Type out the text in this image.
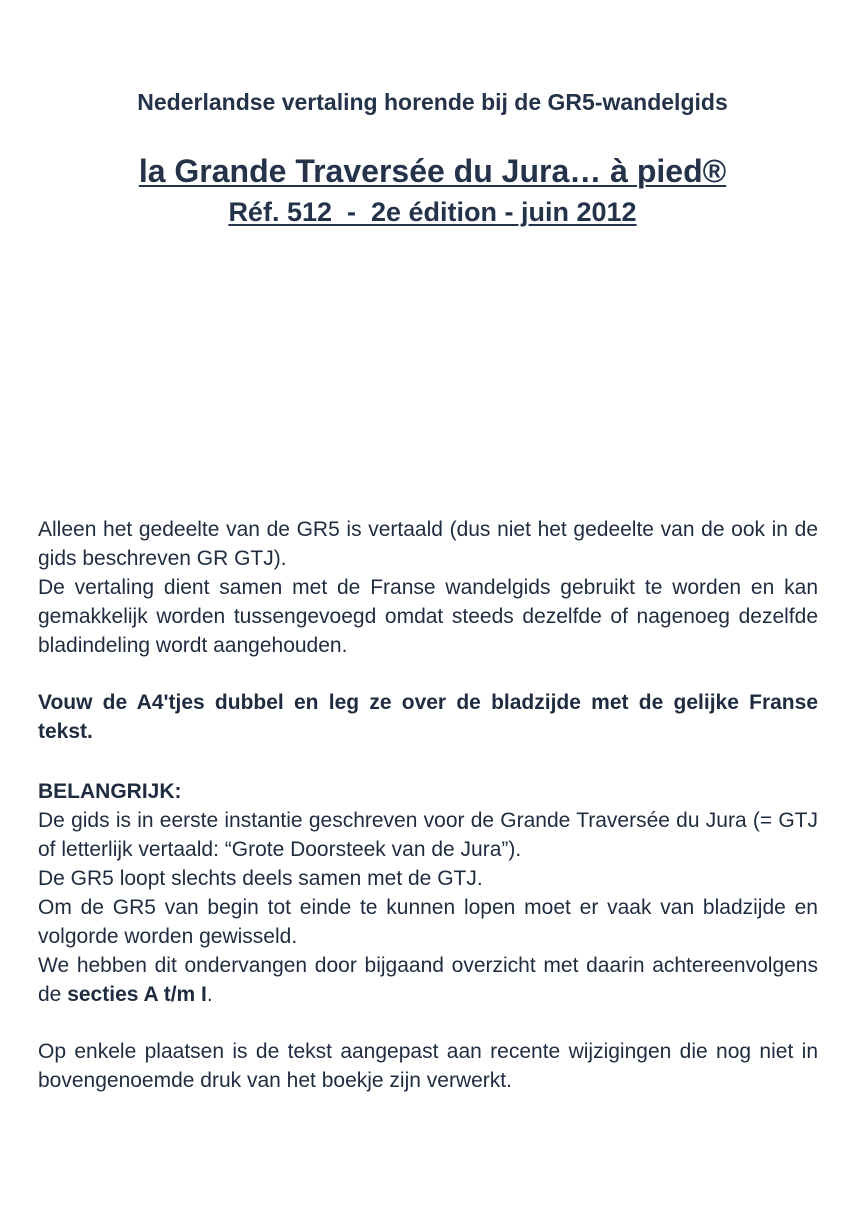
Nederlandse vertaling horende bij de GR5-wandelgids
la Grande Traversée du Jura… à pied®
Réf. 512  -  2e édition - juin 2012

Alleen het gedeelte van de GR5 is vertaald (dus niet het gedeelte van de ook in de gids beschreven GR GTJ).

De vertaling dient samen met de Franse wandelgids gebruikt te worden en kan gemakkelijk worden tussengevoegd omdat steeds dezelfde of nagenoeg dezelfde bladindeling wordt aangehouden.

Vouw de A4'tjes dubbel en leg ze over de bladzijde met de gelijke Franse tekst.

BELANGRIJK:

De gids is in eerste instantie geschreven voor de Grande Traversée du Jura (= GTJ of letterlijk vertaald: “Grote Doorsteek van de Jura”).

De GR5 loopt slechts deels samen met de GTJ.

Om de GR5 van begin tot einde te kunnen lopen moet er vaak van bladzijde en volgorde worden gewisseld.

We hebben dit ondervangen door bijgaand overzicht met daarin achtereenvolgens de secties A t/m I.

Op enkele plaatsen is de tekst aangepast aan recente wijzigingen die nog niet in bovengenoemde druk van het boekje zijn verwerkt.
